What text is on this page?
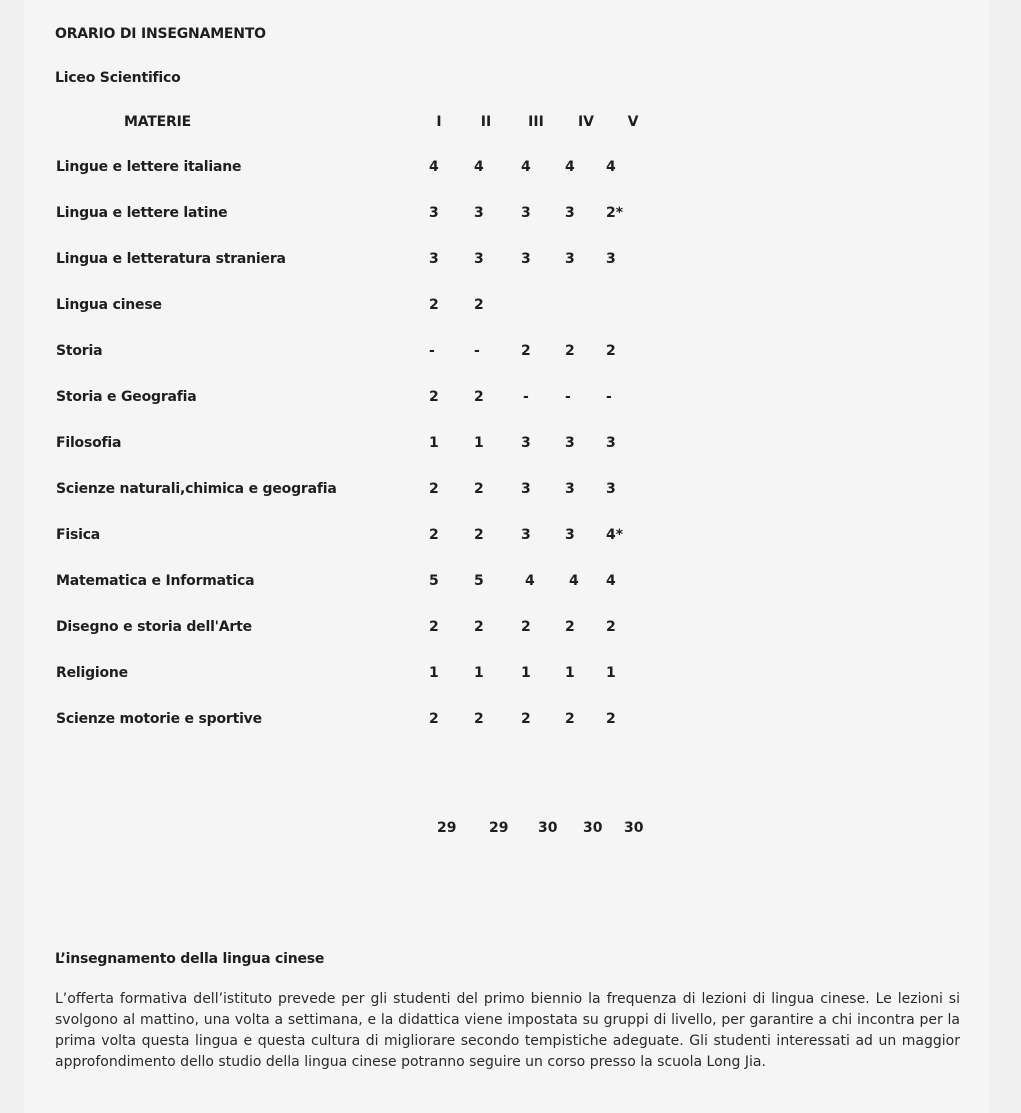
ORARIO DI INSEGNAMENTO
Liceo Scientifico
MATERIE	I	II	III	IV	V
Lingue e lettere italiane	4	4	4	4	4
Lingua e lettere latine	3	3	3	3	2*
Lingua e letteratura straniera	3	3	3	3	3
Lingua cinese	2	2
Storia	-	-	2	2	2
Storia e Geografia	2	2	-	-	-
Filosofia	1	1	3	3	3
Scienze naturali,chimica e geografia	2	2	3	3	3
Fisica	2	2	3	3	4*
Matematica e Informatica	5	5	4	4	4
Disegno e storia dell'Arte	2	2	2	2	2
Religione	1	1	1	1	1
Scienze motorie e sportive	2	2	2	2	2
29 29 30 30 30
L’insegnamento della lingua cinese
L’offerta formativa dell’istituto prevede per gli studenti del primo biennio la frequenza di lezioni di lingua cinese. Le lezioni si svolgono al mattino, una volta a settimana, e la didattica viene impostata su gruppi di livello, per garantire a chi incontra per la prima volta questa lingua e questa cultura di migliorare secondo tempistiche adeguate. Gli studenti interessati ad un maggior approfondimento dello studio della lingua cinese potranno seguire un corso presso la scuola Long Jia.
